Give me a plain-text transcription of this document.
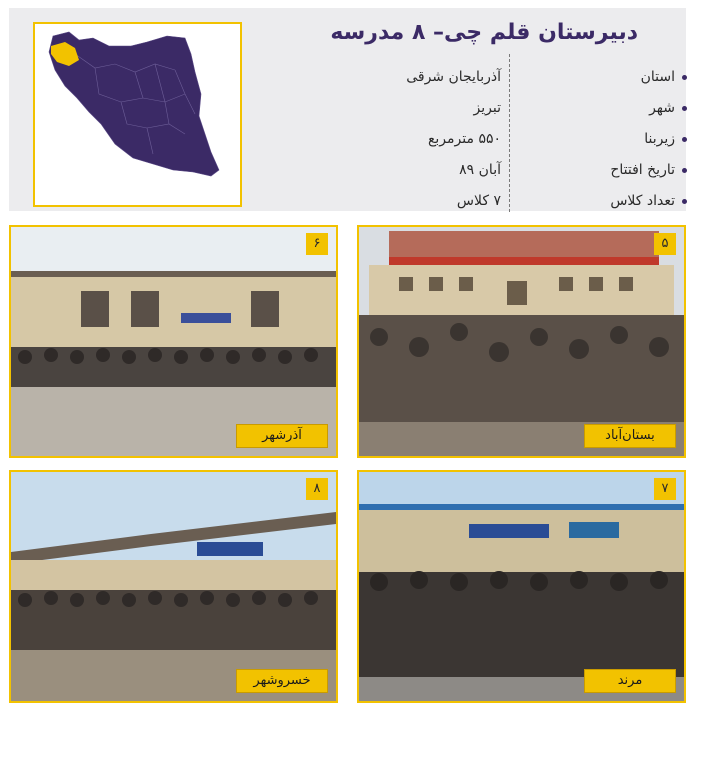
دبیرستان قلم چی– ۸ مدرسه
استان
شهر
زیربنا
تاریخ افتتاح
تعداد کلاس
آذربایجان شرقی
تبریز
۵۵۰ مترمربع
آبان ۸۹
۷ کلاس
۵
بستان‌آباد
۶
آذرشهر
۷
مرند
۸
خسروشهر
